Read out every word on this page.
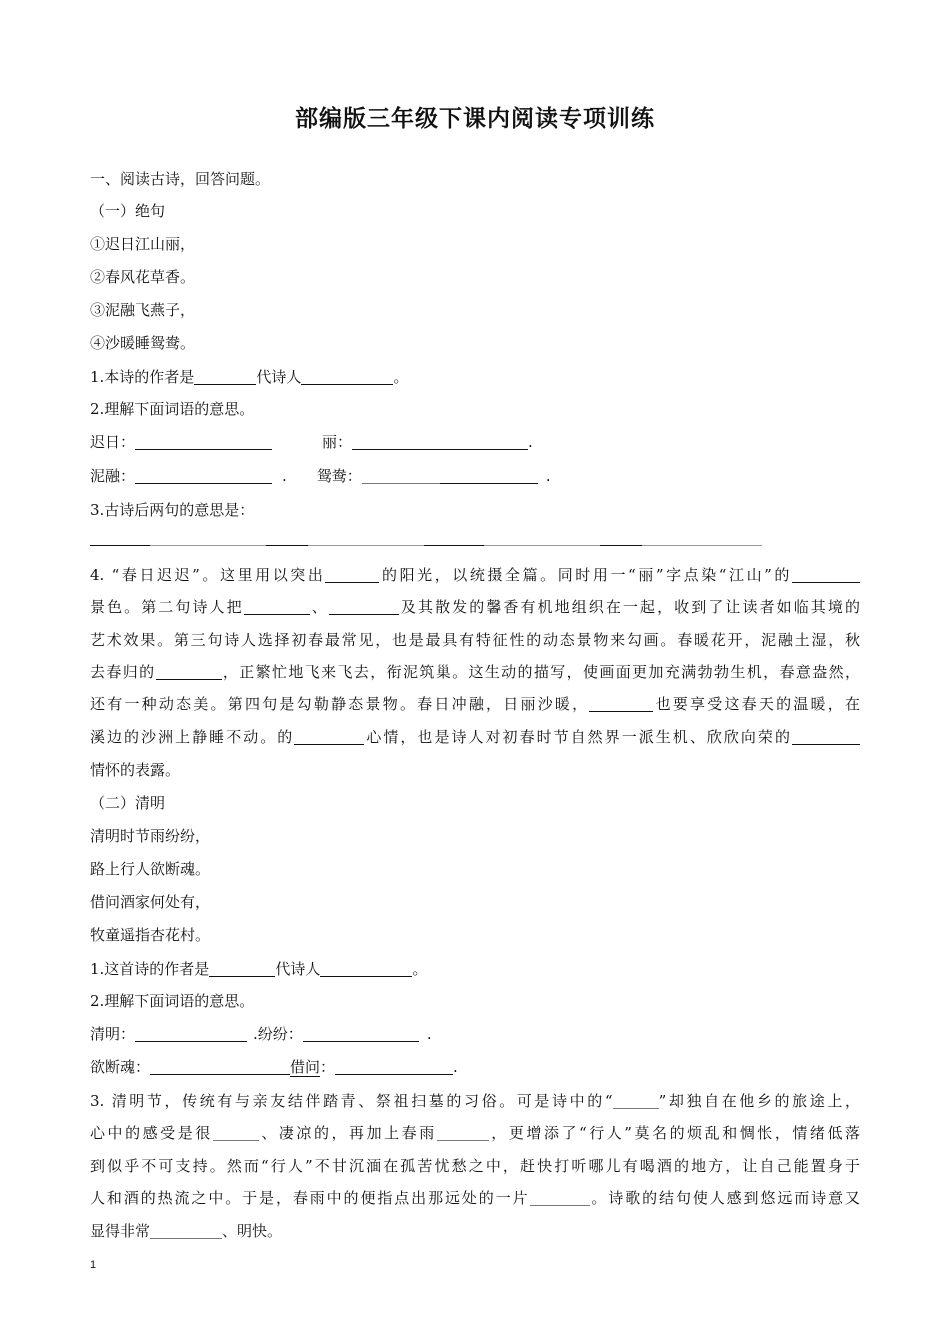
部编版三年级下课内阅读专项训练
一、阅读古诗，回答问题。
（一）绝句
①迟日江山丽，
②春风花草香。
③泥融飞燕子，
④沙暖睡鸳鸯。
1.本诗的作者是	代诗人	。
2.理解下面词语的意思。
迟日：	丽：	.
泥融：	. 鸳鸯：	.
3.古诗后两句的意思是：
4. “春日迟迟”。这里用以突出	的阳光，以统摄全篇。同时用一“丽”字点染“江山”的
景色。第二句诗人把	、	及其散发的馨香有机地组织在一起，收到了让读者如临其境的
艺术效果。第三句诗人选择初春最常见，也是最具有特征性的动态景物来勾画。春暖花开，泥融土湿，秋
去春归的	，正繁忙地飞来飞去，衔泥筑巢。这生动的描写，使画面更加充满勃勃生机，春意盎然，
还有一种动态美。第四句是勾勒静态景物。春日冲融，日丽沙暖，	也要享受这春天的温暖，在
溪边的沙洲上静睡不动。的	心情，也是诗人对初春时节自然界一派生机、欣欣向荣的
情怀的表露。
（二）清明
清明时节雨纷纷，
路上行人欲断魂。
借问酒家何处有，
牧童遥指杏花村。
1.这首诗的作者是	代诗人	。
2.理解下面词语的意思。
清明：	.纷纷：	.
欲断魂：	借问：	.
3. 清明节，传统有与亲友结伴踏青、祭祖扫墓的习俗。可是诗中的“	”却独自在他乡的旅途上，
心中的感受是很	、凄凉的，再加上春雨	，更增添了“行人”莫名的烦乱和惆怅，情绪低落
到似乎不可支持。然而“行人”不甘沉湎在孤苦忧愁之中，赶快打听哪儿有喝酒的地方，让自己能置身于
人和酒的热流之中。于是，春雨中的便指点出那远处的一片	。诗歌的结句使人感到悠远而诗意又
显得非常	、明快。
1
